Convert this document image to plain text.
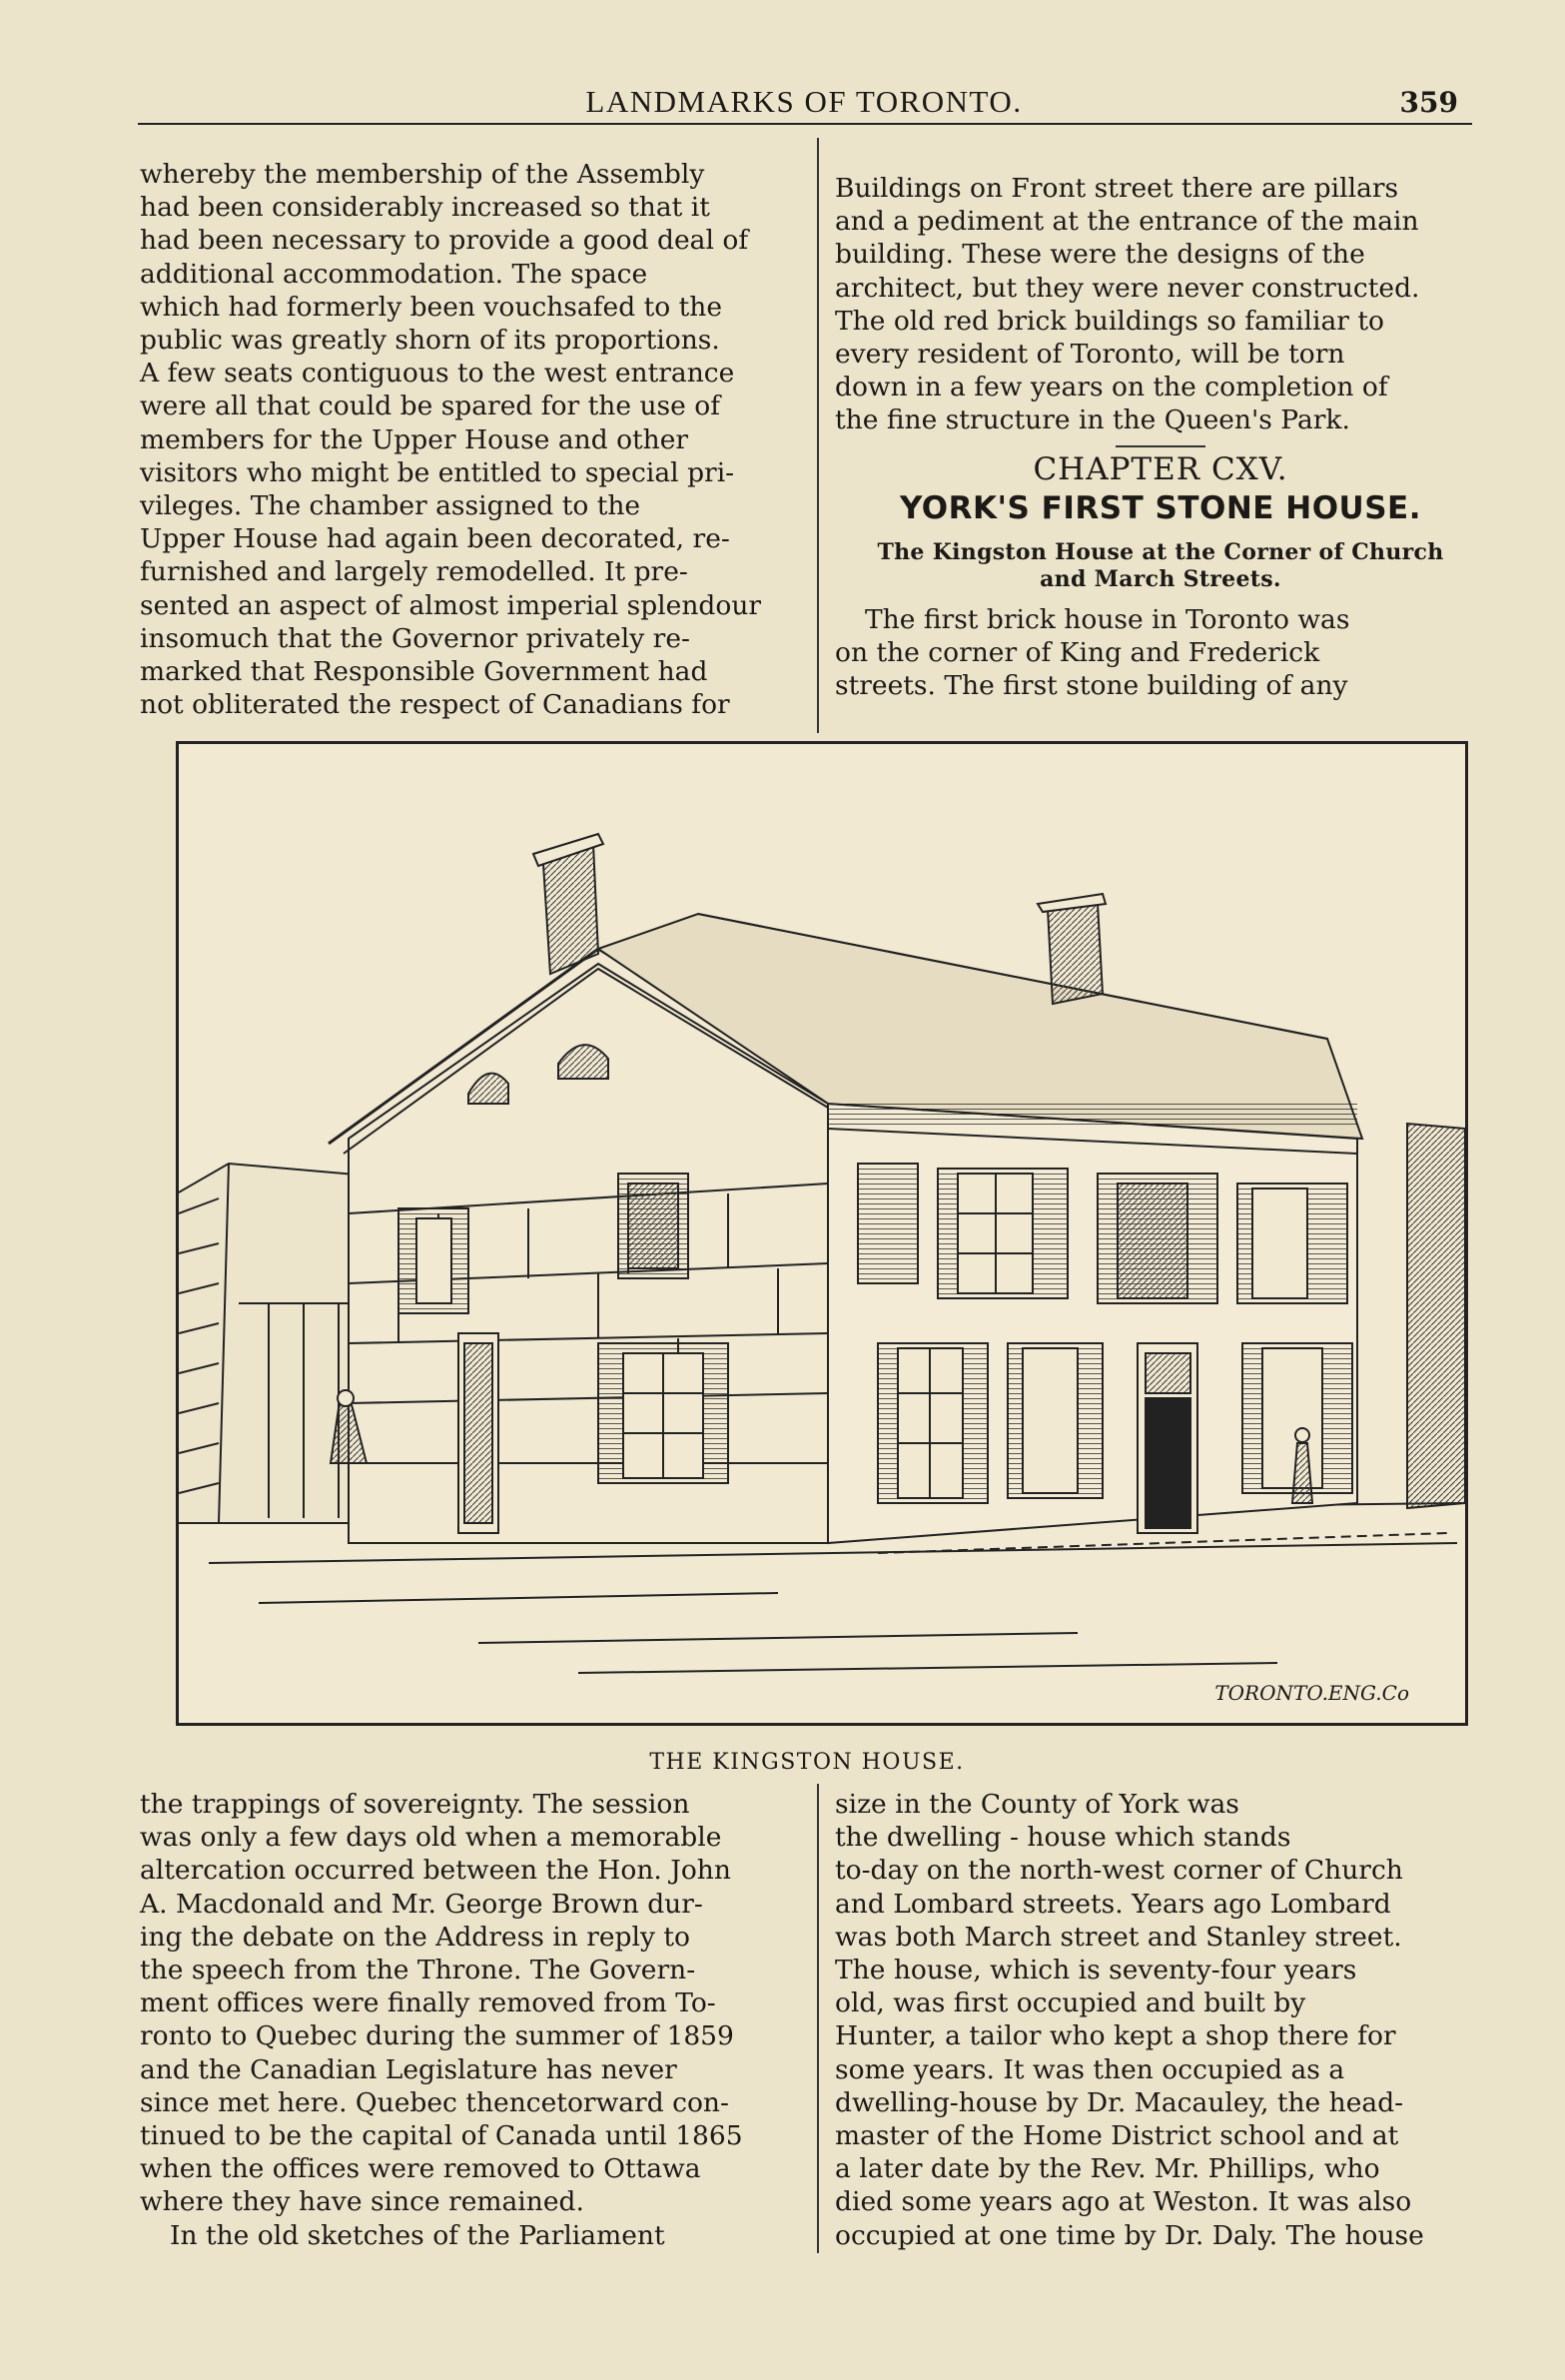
LANDMARKS OF TORONTO.	359

whereby the membership of the Assembly

had been considerably increased so that it

had been necessary to provide a good deal of

additional accommodation. The space

which had formerly been vouchsafed to the

public was greatly shorn of its proportions.

A few seats contiguous to the west entrance

were all that could be spared for the use of

members for the Upper House and other

visitors who might be entitled to special pri-

vileges. The chamber assigned to the

Upper House had again been decorated, re-

furnished and largely remodelled. It pre-

sented an aspect of almost imperial splendour

insomuch that the Governor privately re-

marked that Responsible Government had

not obliterated the respect of Canadians for

Buildings on Front street there are pillars

and a pediment at the entrance of the main

building. These were the designs of the

architect, but they were never constructed.

The old red brick buildings so familiar to

every resident of Toronto, will be torn

down in a few years on the completion of

the fine structure in the Queen's Park.

CHAPTER CXV.
YORK'S FIRST STONE HOUSE.
The Kingston House at the Corner of Church
and March Streets.

The first brick house in Toronto was

on the corner of King and Frederick

streets. The first stone building of any

TORONTO.ENG.Co
THE KINGSTON HOUSE.

the trappings of sovereignty. The session

was only a few days old when a memorable

altercation occurred between the Hon. John

A. Macdonald and Mr. George Brown dur-

ing the debate on the Address in reply to

the speech from the Throne. The Govern-

ment offices were finally removed from To-

ronto to Quebec during the summer of 1859

and the Canadian Legislature has never

since met here. Quebec thencetorward con-

tinued to be the capital of Canada until 1865

when the offices were removed to Ottawa

where they have since remained.

In the old sketches of the Parliament

size in the County of York was

the dwelling - house which stands

to-day on the north-west corner of Church

and Lombard streets. Years ago Lombard

was both March street and Stanley street.

The house, which is seventy-four years

old, was first occupied and built by

Hunter, a tailor who kept a shop there for

some years. It was then occupied as a

dwelling-house by Dr. Macauley, the head-

master of the Home District school and at

a later date by the Rev. Mr. Phillips, who

died some years ago at Weston. It was also

occupied at one time by Dr. Daly. The house
